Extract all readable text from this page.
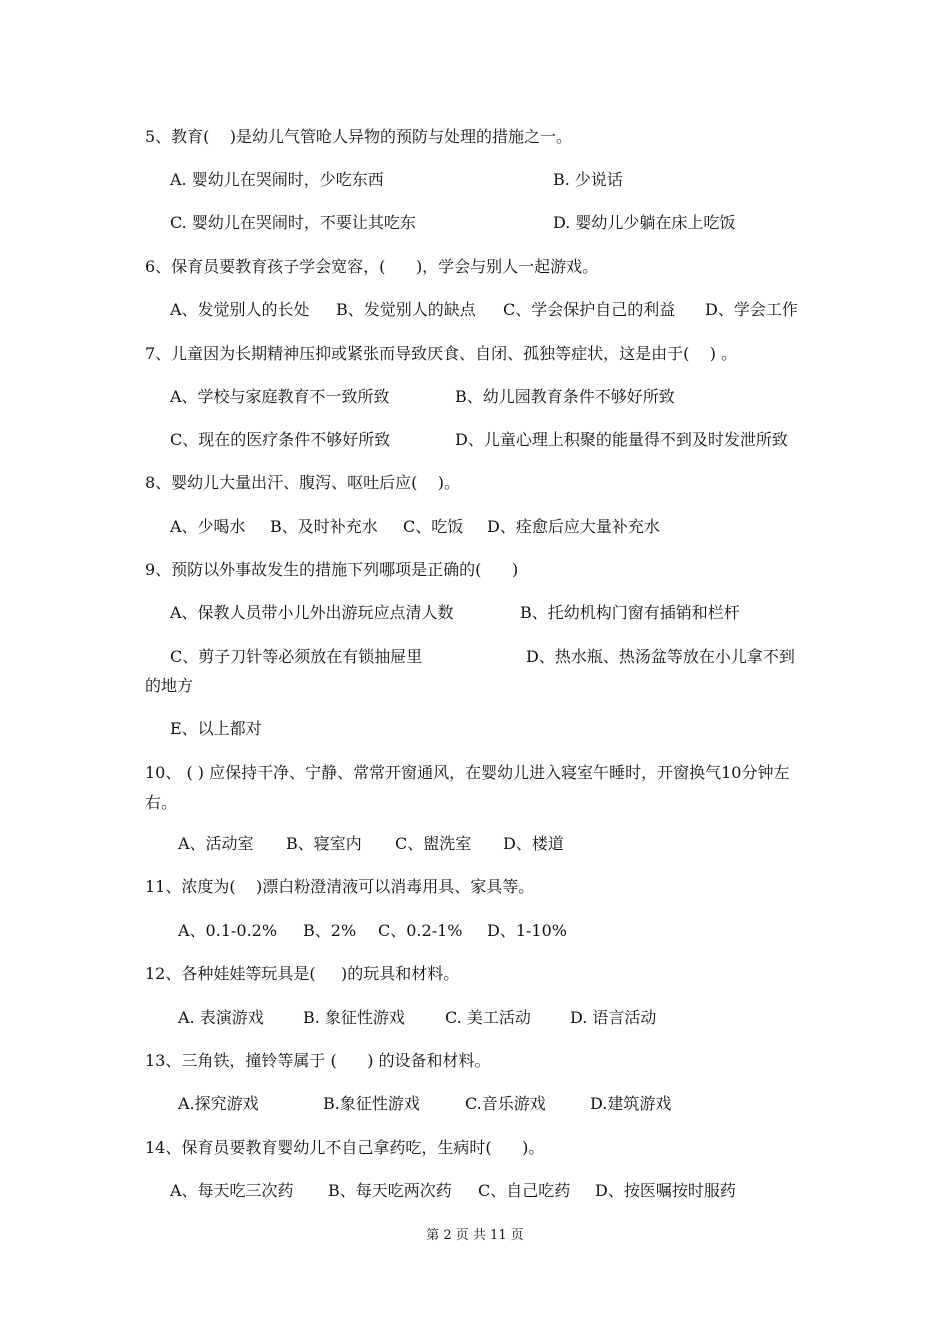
5、教育(    )是幼儿气管呛人异物的预防与处理的措施之一。
A. 婴幼儿在哭闹时，少吃东西	B. 少说话
C. 婴幼儿在哭闹时，不要让其吃东	D. 婴幼儿少躺在床上吃饭
6、保育员要教育孩子学会宽容，(      )，学会与别人一起游戏。
A、发觉别人的长处 B、发觉别人的缺点 C、学会保护自己的利益 D、学会工作
7、儿童因为长期精神压抑或紧张而导致厌食、自闭、孤独等症状，这是由于(    ) 。
A、学校与家庭教育不一致所致	B、幼儿园教育条件不够好所致
C、现在的医疗条件不够好所致	D、儿童心理上积聚的能量得不到及时发泄所致
8、婴幼儿大量出汗、腹泻、呕吐后应(    )。
A、少喝水 B、及时补充水 C、吃饭 D、痊愈后应大量补充水
9、预防以外事故发生的措施下列哪项是正确的(      )
A、保教人员带小儿外出游玩应点清人数	B、托幼机构门窗有插销和栏杆
C、剪子刀针等必须放在有锁抽屉里	D、热水瓶、热汤盆等放在小儿拿不到
的地方
E、以上都对
10、 ( ) 应保持干净、宁静、常常开窗通风，在婴幼儿进入寝室午睡时，开窗换气10分钟左右。
A、活动室 B、寝室内 C、盥洗室 D、楼道
11、浓度为(    )漂白粉澄清液可以消毒用具、家具等。
A、0.1-0.2% B、2% C、0.2-1% D、1-10%
12、各种娃娃等玩具是(     )的玩具和材料。
A. 表演游戏 B. 象征性游戏	C. 美工活动 D. 语言活动
13、三角铁，撞铃等属于 (      ) 的设备和材料。
A.探究游戏	B.象征性游戏	C.音乐游戏	D.建筑游戏
14、保育员要教育婴幼儿不自己拿药吃，生病时(      )。
A、每天吃三次药 B、每天吃两次药 C、自己吃药 D、按医嘱按时服药
第 2 页 共 11 页
